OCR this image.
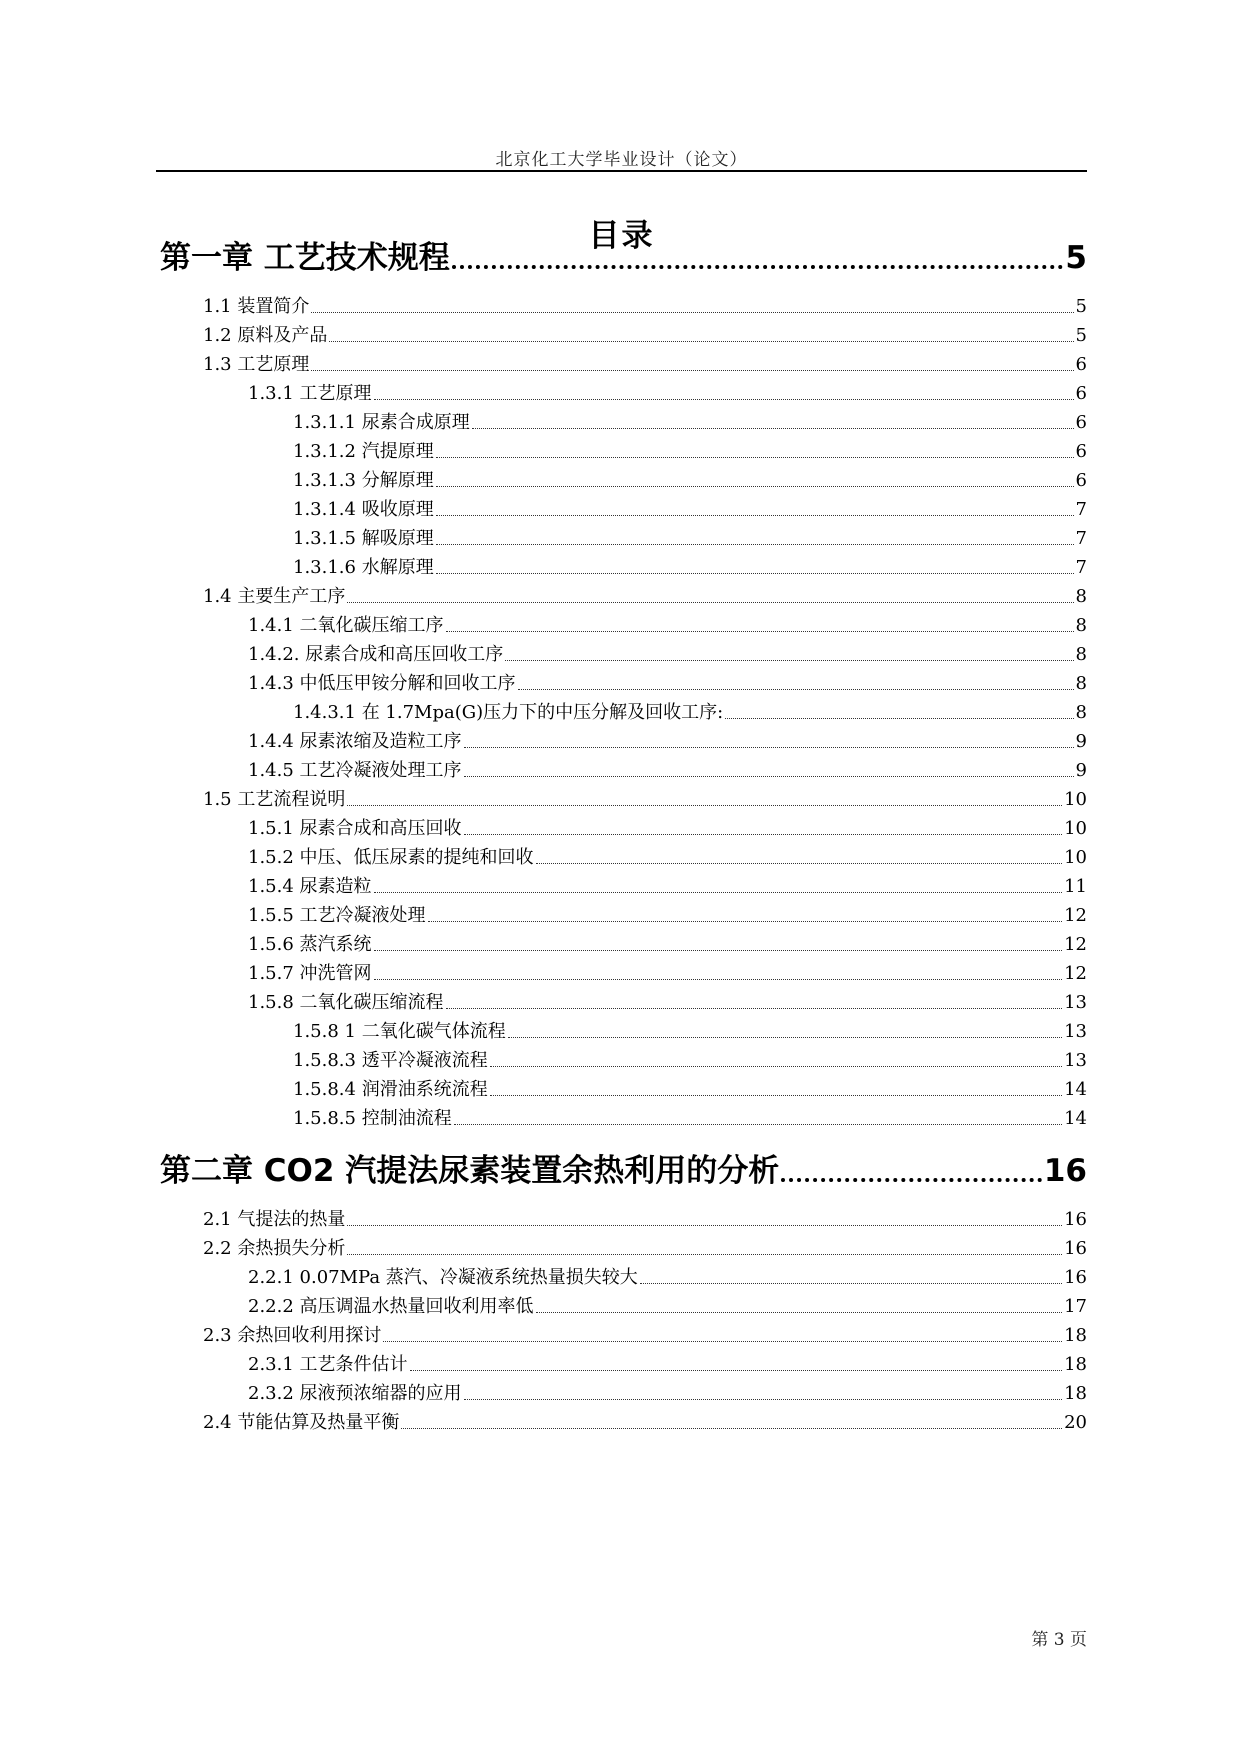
北京化工大学毕业设计（论文）
目录
第一章 工艺技术规程	5
1.1 装置简介	5
1.2 原料及产品	5
1.3 工艺原理	6
1.3.1 工艺原理	6
1.3.1.1 尿素合成原理	6
1.3.1.2 汽提原理	6
1.3.1.3 分解原理	6
1.3.1.4 吸收原理	7
1.3.1.5 解吸原理	7
1.3.1.6 水解原理	7
1.4 主要生产工序	8
1.4.1 二氧化碳压缩工序	8
1.4.2. 尿素合成和高压回收工序	8
1.4.3 中低压甲铵分解和回收工序	8
1.4.3.1 在 1.7Mpa(G)压力下的中压分解及回收工序:	8
1.4.4 尿素浓缩及造粒工序	9
1.4.5 工艺冷凝液处理工序	9
1.5 工艺流程说明	10
1.5.1 尿素合成和高压回收	10
1.5.2 中压、低压尿素的提纯和回收	10
1.5.4 尿素造粒	11
1.5.5 工艺冷凝液处理	12
1.5.6 蒸汽系统	12
1.5.7 冲洗管网	12
1.5.8 二氧化碳压缩流程	13
1.5.8 1 二氧化碳气体流程	13
1.5.8.3 透平冷凝液流程	13
1.5.8.4 润滑油系统流程	14
1.5.8.5 控制油流程	14
第二章 CO2 汽提法尿素装置余热利用的分析	16
2.1 气提法的热量	16
2.2 余热损失分析	16
2.2.1 0.07MPa 蒸汽、冷凝液系统热量损失较大	16
2.2.2 高压调温水热量回收利用率低	17
2.3 余热回收利用探讨	18
2.3.1 工艺条件估计	18
2.3.2 尿液预浓缩器的应用	18
2.4 节能估算及热量平衡	20
第 3 页
